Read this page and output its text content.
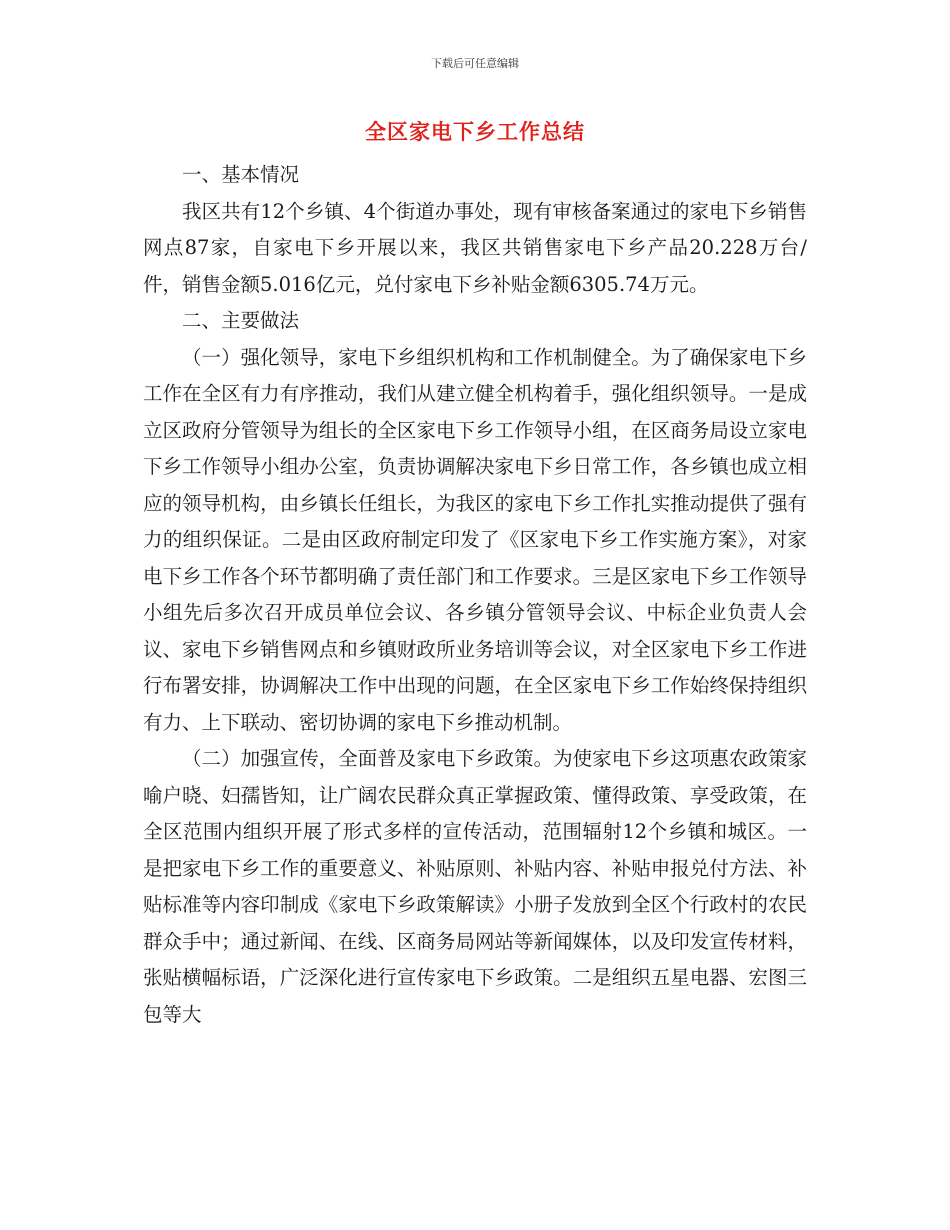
下载后可任意编辑
全区家电下乡工作总结

一、基本情况

我区共有12个乡镇、4个街道办事处，现有审核备案通过的家电下乡销售网点87家，自家电下乡开展以来，我区共销售家电下乡产品20.228万台/件，销售金额5.016亿元，兑付家电下乡补贴金额6305.74万元。

二、主要做法

（一）强化领导，家电下乡组织机构和工作机制健全。为了确保家电下乡工作在全区有力有序推动，我们从建立健全机构着手，强化组织领导。一是成立区政府分管领导为组长的全区家电下乡工作领导小组，在区商务局设立家电下乡工作领导小组办公室，负责协调解决家电下乡日常工作，各乡镇也成立相应的领导机构，由乡镇长任组长，为我区的家电下乡工作扎实推动提供了强有力的组织保证。二是由区政府制定印发了《区家电下乡工作实施方案》，对家电下乡工作各个环节都明确了责任部门和工作要求。三是区家电下乡工作领导小组先后多次召开成员单位会议、各乡镇分管领导会议、中标企业负责人会议、家电下乡销售网点和乡镇财政所业务培训等会议，对全区家电下乡工作进行布署安排，协调解决工作中出现的问题，在全区家电下乡工作始终保持组织有力、上下联动、密切协调的家电下乡推动机制。

（二）加强宣传，全面普及家电下乡政策。为使家电下乡这项惠农政策家喻户晓、妇孺皆知，让广阔农民群众真正掌握政策、懂得政策、享受政策，在全区范围内组织开展了形式多样的宣传活动，范围辐射12个乡镇和城区。一是把家电下乡工作的重要意义、补贴原则、补贴内容、补贴申报兑付方法、补贴标准等内容印制成《家电下乡政策解读》小册子发放到全区个行政村的农民群众手中；通过新闻、在线、区商务局网站等新闻媒体，以及印发宣传材料，张贴横幅标语，广泛深化进行宣传家电下乡政策。二是组织五星电器、宏图三包等大
